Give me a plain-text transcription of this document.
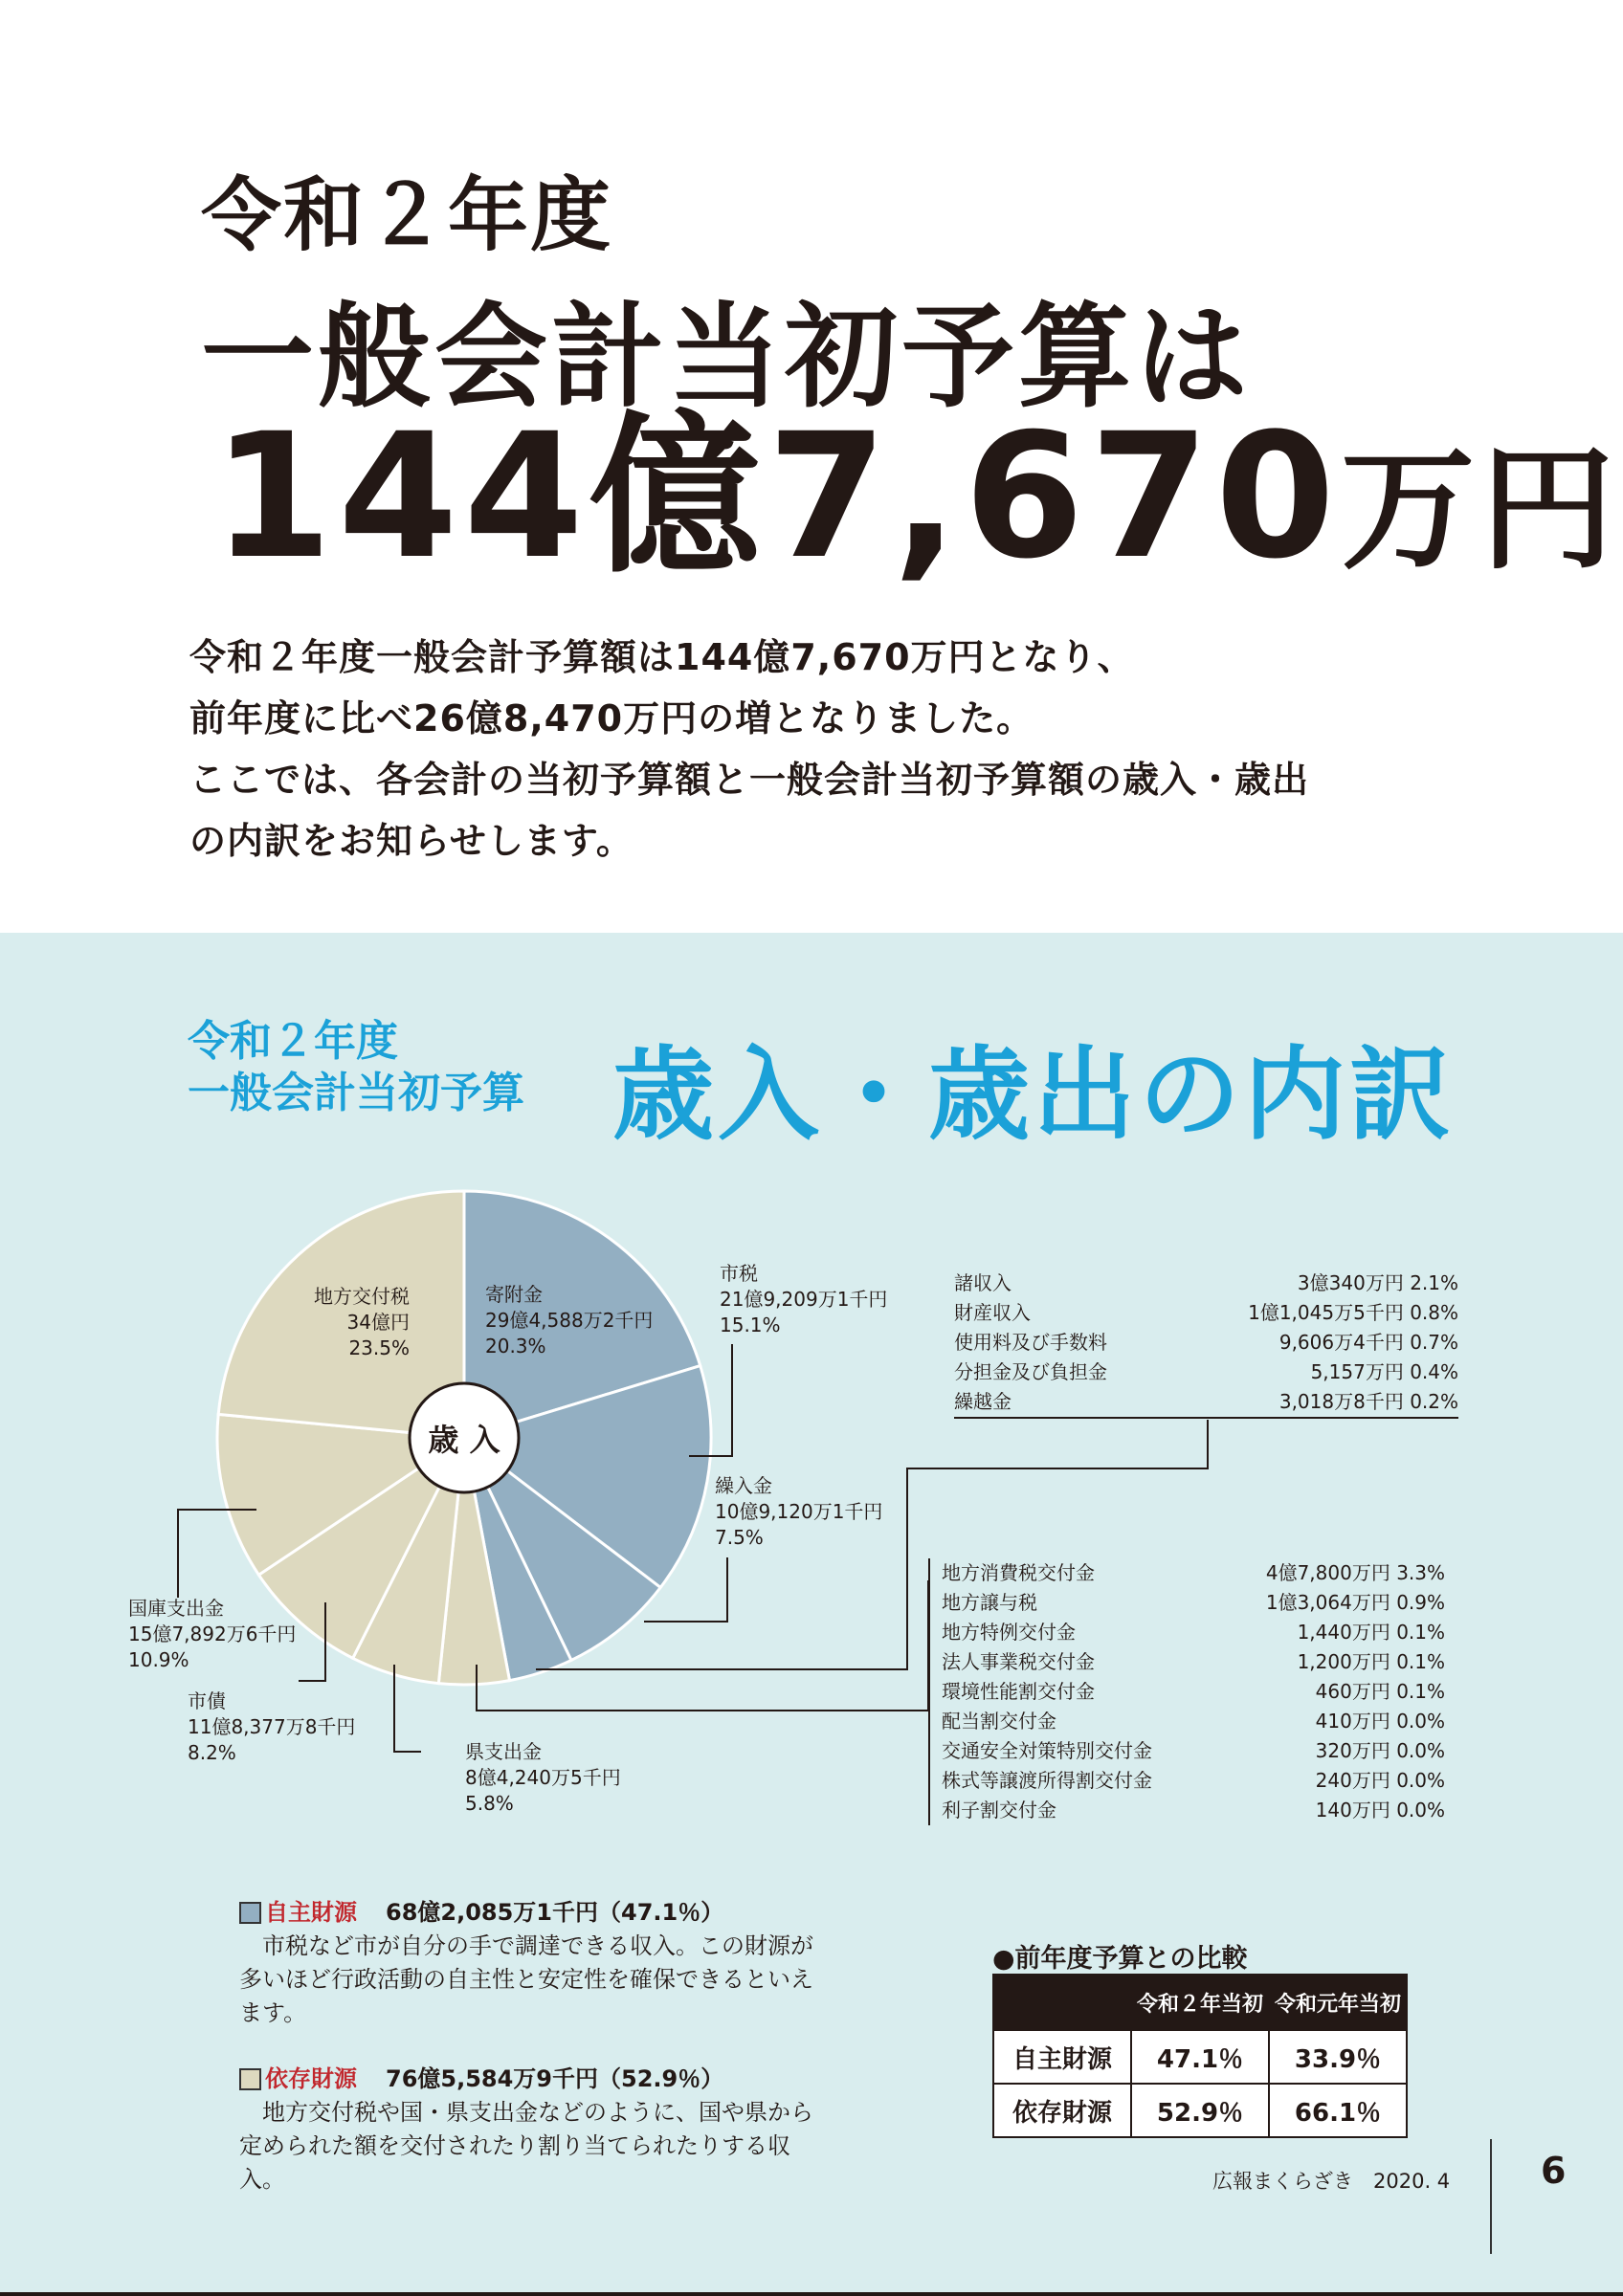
令和２年度
一般会計当初予算は
144億7,670万円

令和２年度一般会計予算額は144億7,670万円となり、

前年度に比べ26億8,470万円の増となりました。

ここでは、各会計の当初予算額と一般会計当初予算額の歳入・歳出

の内訳をお知らせします。

令和２年度
一般会計当初予算 歳入・歳出の内訳
歳 入
寄附金
29億4,588万2千円
20.3%
市税
21億9,209万1千円
15.1%
繰入金
10億9,120万1千円
7.5%
地方交付税
34億円
23.5%
国庫支出金
15億7,892万6千円
10.9%
市債
11億8,377万8千円
8.2%	県支出金
8億4,240万5千円
5.8%
諸収入	3億340万円 2.1%
財産収入	1億1,045万5千円 0.8%
使用料及び手数料	9,606万4千円 0.7%
分担金及び負担金	5,157万円 0.4%
繰越金	3,018万8千円 0.2%
地方消費税交付金	4億7,800万円 3.3%
地方譲与税	1億3,064万円 0.9%
地方特例交付金	1,440万円 0.1%
法人事業税交付金	1,200万円 0.1%
環境性能割交付金	460万円 0.1%
配当割交付金	410万円 0.0%
交通安全対策特別交付金	320万円 0.0%
株式等譲渡所得割交付金	240万円 0.0%
利子割交付金	140万円 0.0%
自主財源 68億2,085万1千円（47.1％）

市税など市が自分の手で調達できる収入。この財源が多いほど行政活動の自主性と安定性を確保できるといえます。

依存財源 76億5,584万9千円（52.9％）

地方交付税や国・県支出金などのように、国や県から定められた額を交付されたり割り当てられたりする収入。

●前年度予算との比較
	令和２年当初	令和元年当初
自主財源	47.1％	33.9％
依存財源	52.9％	66.1％
広報まくらざき　2020. 4 6
